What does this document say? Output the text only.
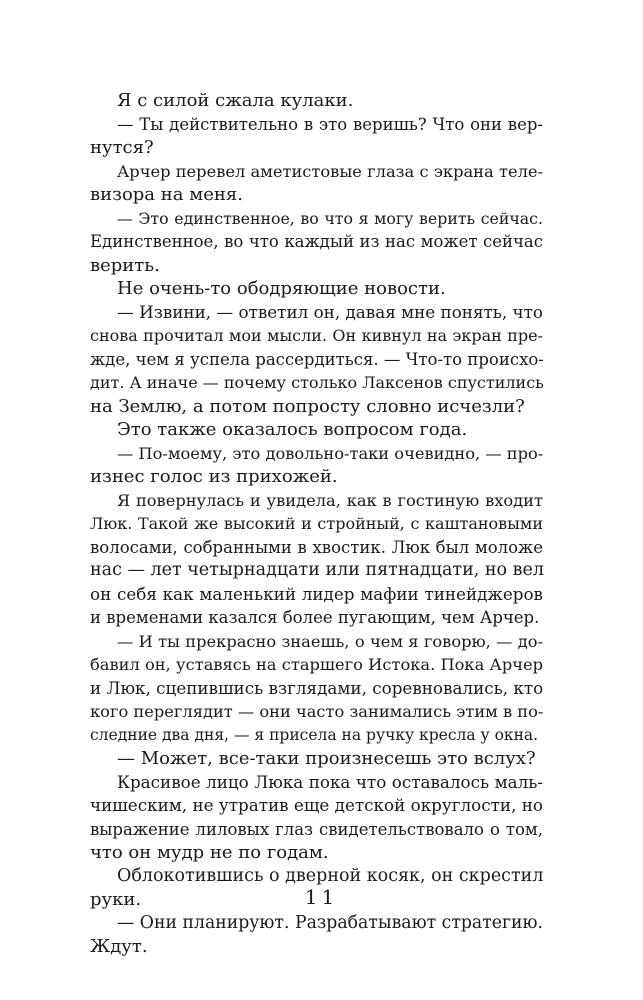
Я с силой сжала кулаки.
— Ты действительно в это веришь? Что они вер-
нутся?
Арчер перевел аметистовые глаза с экрана теле-
визора на меня.
— Это единственное, во что я могу верить сейчас.
Единственное, во что каждый из нас может сейчас
верить.
Не очень-то ободряющие новости.
— Извини, — ответил он, давая мне понять, что
снова прочитал мои мысли. Он кивнул на экран пре-
жде, чем я успела рассердиться. — Что-то происхо-
дит. А иначе — почему столько Лаксенов спустились
на Землю, а потом попросту словно исчезли?
Это также оказалось вопросом года.
— По-моему, это довольно-таки очевидно, — про-
изнес голос из прихожей.
Я повернулась и увидела, как в гостиную входит
Люк. Такой же высокий и стройный, с каштановыми
волосами, собранными в хвостик. Люк был моложе
нас — лет четырнадцати или пятнадцати, но вел
он себя как маленький лидер мафии тинейджеров
и временами казался более пугающим, чем Арчер.
— И ты прекрасно знаешь, о чем я говорю, — до-
бавил он, уставясь на старшего Истока. Пока Арчер
и Люк, сцепившись взглядами, соревновались, кто
кого переглядит — они часто занимались этим в по-
следние два дня, — я присела на ручку кресла у окна.
— Может, все-таки произнесешь это вслух?
Красивое лицо Люка пока что оставалось маль-
чишеским, не утратив еще детской округлости, но
выражение лиловых глаз свидетельствовало о том,
что он мудр не по годам.
Облокотившись о дверной косяк, он скрестил
руки.
— Они планируют. Разрабатывают стратегию.
Ждут.
11
